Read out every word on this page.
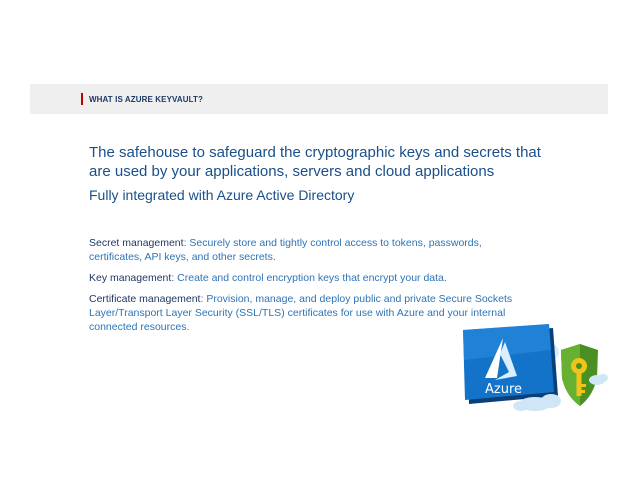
WHAT IS AZURE KEYVAULT?

The safehouse to safeguard the cryptographic keys and secrets that are used by your applications, servers and cloud applications

Fully integrated with Azure Active Directory

Secret management: Securely store and tightly control access to tokens, passwords, certificates, API keys, and other secrets.

Key management: Create and control encryption keys that encrypt your data.

Certificate management: Provision, manage, and deploy public and private Secure Sockets Layer/Transport Layer Security (SSL/TLS) certificates for use with Azure and your internal connected resources.

Azure
